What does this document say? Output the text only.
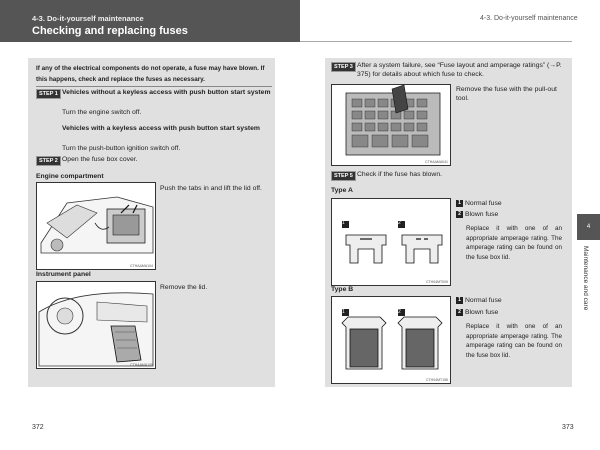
4-3. Do-it-yourself maintenance
Checking and replacing fuses
4-3. Do-it-yourself maintenance
If any of the electrical components do not operate, a fuse may have blown. If this happens, check and replace the fuses as necessary.
STEP 1 Vehicles without a keyless access with push button start system
Turn the engine switch off.
Vehicles with a keyless access with push button start system
Turn the push-button ignition switch off.
STEP 2 Open the fuse box cover.
Engine compartment
CTHAAMA104
Push the tabs in and lift the lid off.
Instrument panel
CTHAAMA105
Remove the lid.
372
STEP 3 After a system failure, see “Fuse layout and amperage ratings” (→P. 375) for details about which fuse to check.
CTHAAMA041
Remove the fuse with the pull-out tool.
STEP 5 Check if the fuse has blown.
Type A
CTH04MT009
1	2
1 Normal fuse
2 Blown fuse
Replace it with one of an appropriate amperage rating. The amperage rating can be found on the fuse box lid.
Type B
CTH04MT155
1	2
1 Normal fuse
2 Blown fuse
Replace it with one of an appropriate amperage rating. The amperage rating can be found on the fuse box lid.
4
Maintenance and care
373
